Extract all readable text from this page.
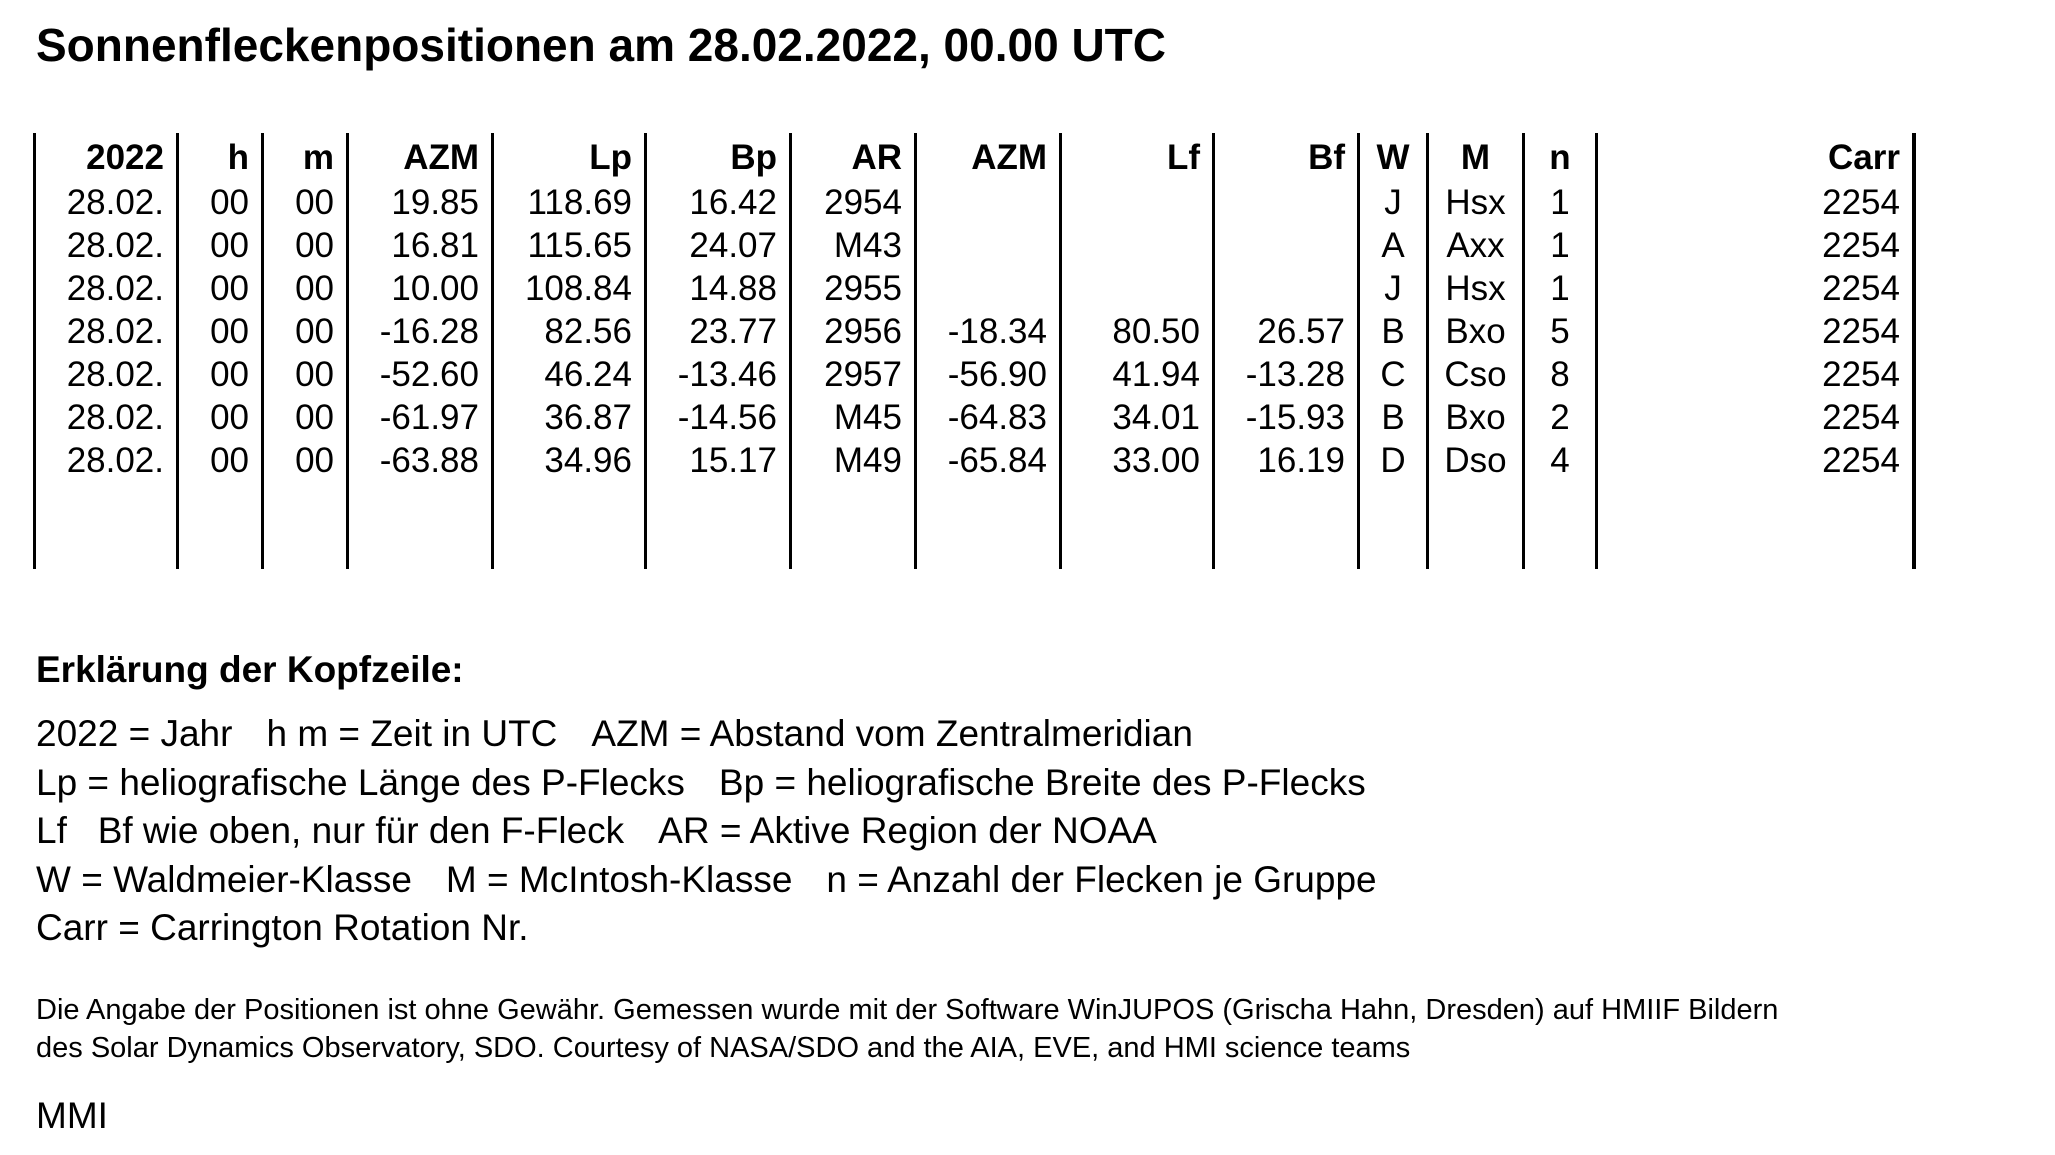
Sonnenfleckenpositionen am 28.02.2022, 00.00 UTC
2022	h	m	AZM	Lp	Bp	AR	AZM	Lf	Bf	W	M	n	Carr
28.02.	00	00	19.85	118.69	16.42	2954				J	Hsx	1	2254
28.02.	00	00	16.81	115.65	24.07	M43				A	Axx	1	2254
28.02.	00	00	10.00	108.84	14.88	2955				J	Hsx	1	2254
28.02.	00	00	-16.28	82.56	23.77	2956	-18.34	80.50	26.57	B	Bxo	5	2254
28.02.	00	00	-52.60	46.24	-13.46	2957	-56.90	41.94	-13.28	C	Cso	8	2254
28.02.	00	00	-61.97	36.87	-14.56	M45	-64.83	34.01	-15.93	B	Bxo	2	2254
28.02.	00	00	-63.88	34.96	15.17	M49	-65.84	33.00	16.19	D	Dso	4	2254

Erklärung der Kopfzeile:
2022 = Jahr h m = Zeit in UTC AZM = Abstand vom Zentralmeridian
Lp = heliografische Länge des P-Flecks Bp = heliografische Breite des P-Flecks
Lf   Bf wie oben, nur für den F-Fleck AR = Aktive Region der NOAA
W = Waldmeier-Klasse M = McIntosh-Klasse n = Anzahl der Flecken je Gruppe
Carr = Carrington Rotation Nr.
Die Angabe der Positionen ist ohne Gewähr. Gemessen wurde mit der Software WinJUPOS (Grischa Hahn, Dresden) auf HMIIF Bildern
des Solar Dynamics Observatory, SDO. Courtesy of NASA/SDO and the AIA, EVE, and HMI science teams
MMI
